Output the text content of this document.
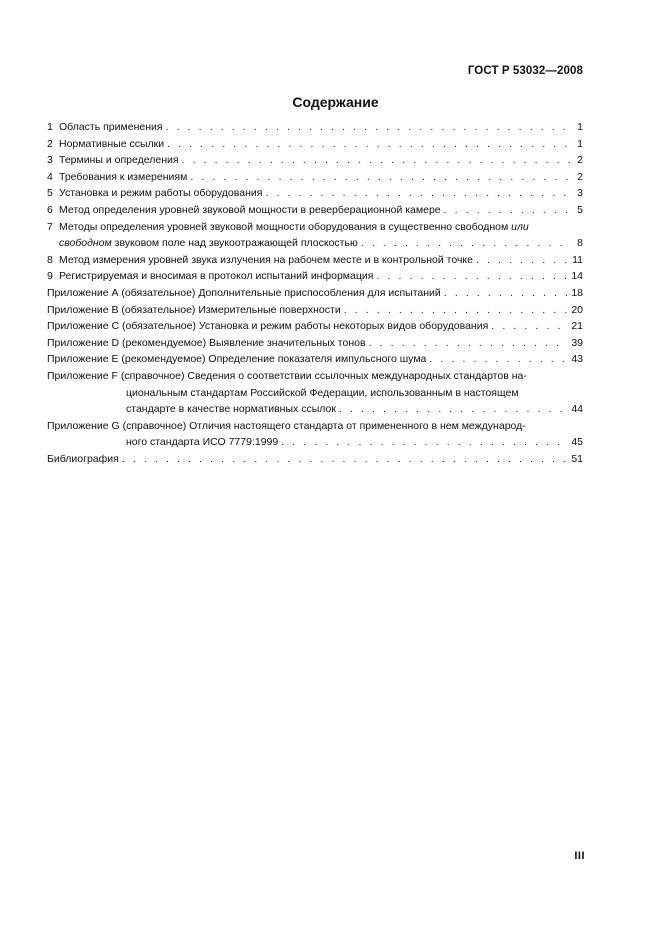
ГОСТ Р 53032—2008
Содержание
1 Область применения . . .	1
2 Нормативные ссылки . . .	1
3 Термины и определения . . .	2
4 Требования к измерениям . . .	2
5 Установка и режим работы оборудования . . .	3
6 Метод определения уровней звуковой мощности в реверберационной камере . . .	5
7 Методы определения уровней звуковой мощности оборудования в существенно свободном или
свободном звуковом поле над звукоотражающей плоскостью . . .	8
8 Метод измерения уровней звука излучения на рабочем месте и в контрольной точке . . .	11
9 Регистрируемая и вносимая в протокол испытаний информация . . .	14
Приложение А (обязательное) Дополнительные приспособления для испытаний . . .	18
Приложение В (обязательное) Измерительные поверхности . . .	20
Приложение С (обязательное) Установка и режим работы некоторых видов оборудования . . .	21
Приложение D (рекомендуемое) Выявление значительных тонов . . .	39
Приложение Е (рекомендуемое) Определение показателя импульсного шума . . .	43
Приложение F (справочное) Сведения о соответствии ссылочных международных стандартов на-
циональным стандартам Российской Федерации, использованным в настоящем
стандарте в качестве нормативных ссылок . . .	44
Приложение G (справочное) Отличия настоящего стандарта от примененного в нем международ-
ного стандарта ИСО 7779:1999 . . .	45
Библиография . . .	51
III
